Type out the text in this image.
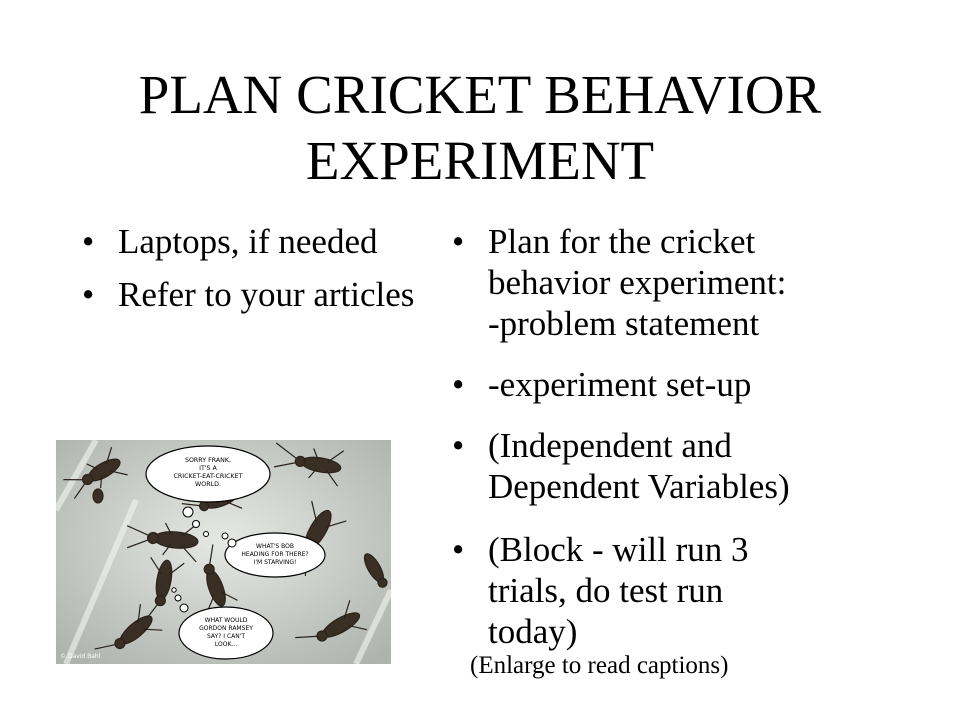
PLAN CRICKET BEHAVIOR
EXPERIMENT
• Laptops, if needed
• Refer to your articles
• Plan for the cricket
behavior experiment:
-problem statement
• -experiment set-up
• (Independent and
Dependent Variables)
• (Block - will run 3
trials, do test run
today)
SORRY FRANK,
IT'S A
CRICKET-EAT-CRICKET
WORLD.
WHAT'S BOB
HEADING FOR THERE?
I'M STARVING!
WHAT WOULD
GORDON RAMSEY
SAY? I CAN'T
LOOK...
© David Bahl	(Enlarge to read captions)
